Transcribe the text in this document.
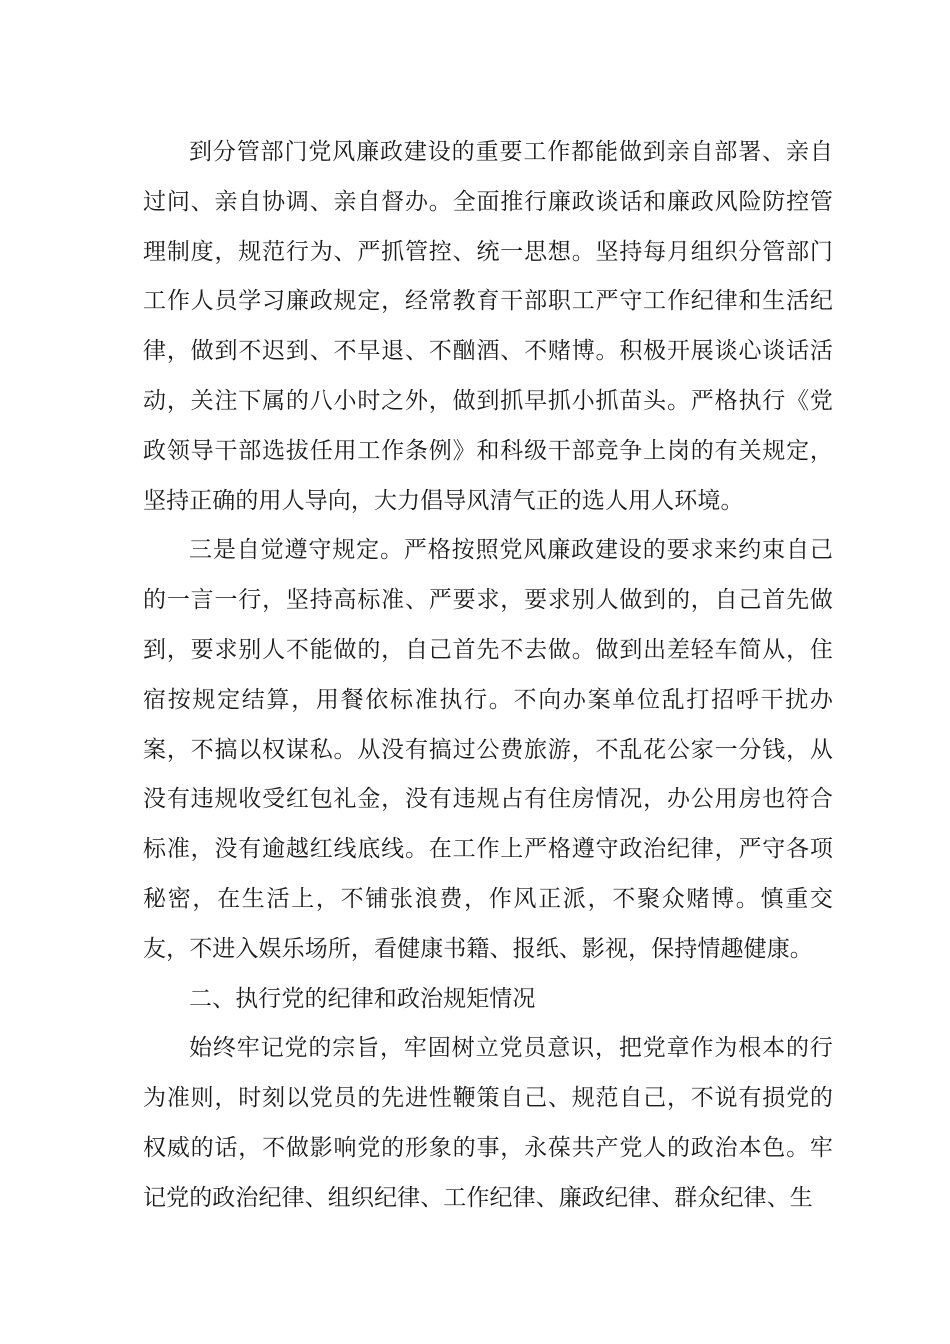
到分管部门党风廉政建设的重要工作都能做到亲自部署、亲自过问、亲自协调、亲自督办。全面推行廉政谈话和廉政风险防控管理制度，规范行为、严抓管控、统一思想。坚持每月组织分管部门工作人员学习廉政规定，经常教育干部职工严守工作纪律和生活纪律，做到不迟到、不早退、不酗酒、不赌博。积极开展谈心谈话活动，关注下属的八小时之外，做到抓早抓小抓苗头。严格执行《党政领导干部选拔任用工作条例》和科级干部竞争上岗的有关规定，坚持正确的用人导向，大力倡导风清气正的选人用人环境。

三是自觉遵守规定。严格按照党风廉政建设的要求来约束自己的一言一行，坚持高标准、严要求，要求别人做到的，自己首先做到，要求别人不能做的，自己首先不去做。做到出差轻车简从，住宿按规定结算，用餐依标准执行。不向办案单位乱打招呼干扰办案，不搞以权谋私。从没有搞过公费旅游，不乱花公家一分钱，从没有违规收受红包礼金，没有违规占有住房情况，办公用房也符合标准，没有逾越红线底线。在工作上严格遵守政治纪律，严守各项秘密，在生活上，不铺张浪费，作风正派，不聚众赌博。慎重交友，不进入娱乐场所，看健康书籍、报纸、影视，保持情趣健康。

二、执行党的纪律和政治规矩情况

始终牢记党的宗旨，牢固树立党员意识，把党章作为根本的行为准则，时刻以党员的先进性鞭策自己、规范自己，不说有损党的权威的话，不做影响党的形象的事，永葆共产党人的政治本色。牢记党的政治纪律、组织纪律、工作纪律、廉政纪律、群众纪律、生
